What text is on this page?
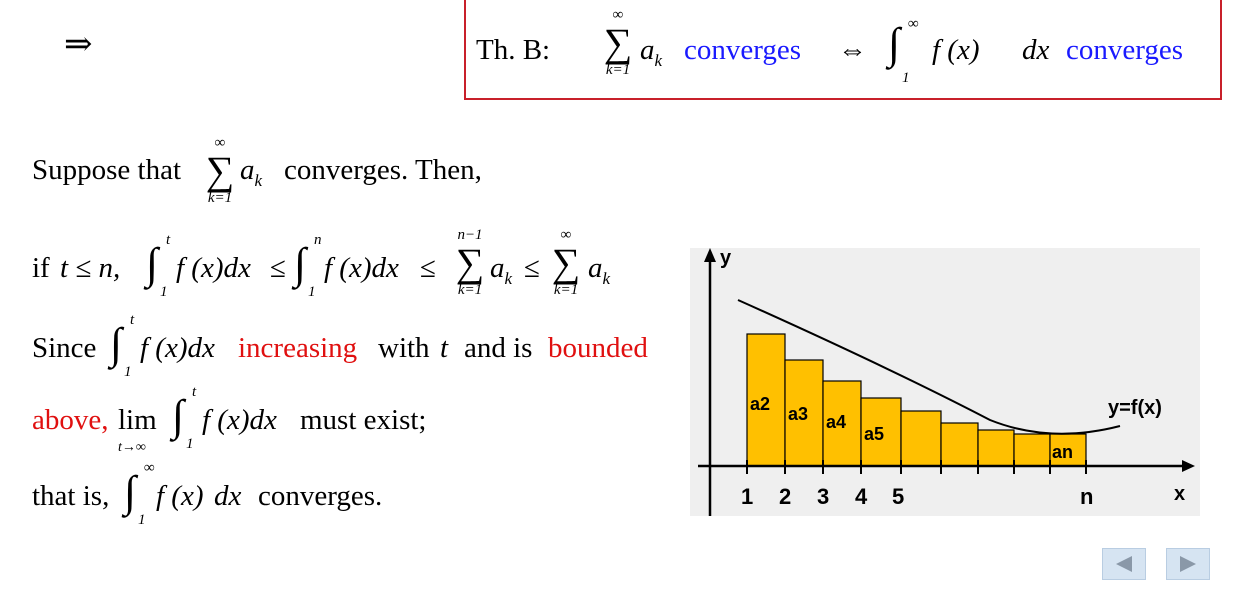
⇒	Th. B:
∞
∑
k=1
$a_k$ converges ⇔ ∫ ∞
1
f (x) dx converges
Suppose that
∞
∑
k=1
$a_k$ converges. Then,
if t ≤ n, ∫ t
1
f (x)dx ≤ ∫ n
1
f (x)dx ≤
n−1
∑
k=1
$a_k$ ≤
∞
∑
k=1
$a_k$
Since ∫ t
1
f (x)dx increasing with t and is bounded
above, lim
t→∞
∫ t
1
f (x)dx must exist;
that is, ∫ ∞
1
f (x) dx converges.
y
x
y=f(x)
1 2 3 4 5	n
a2 a3 a4
a5
an
